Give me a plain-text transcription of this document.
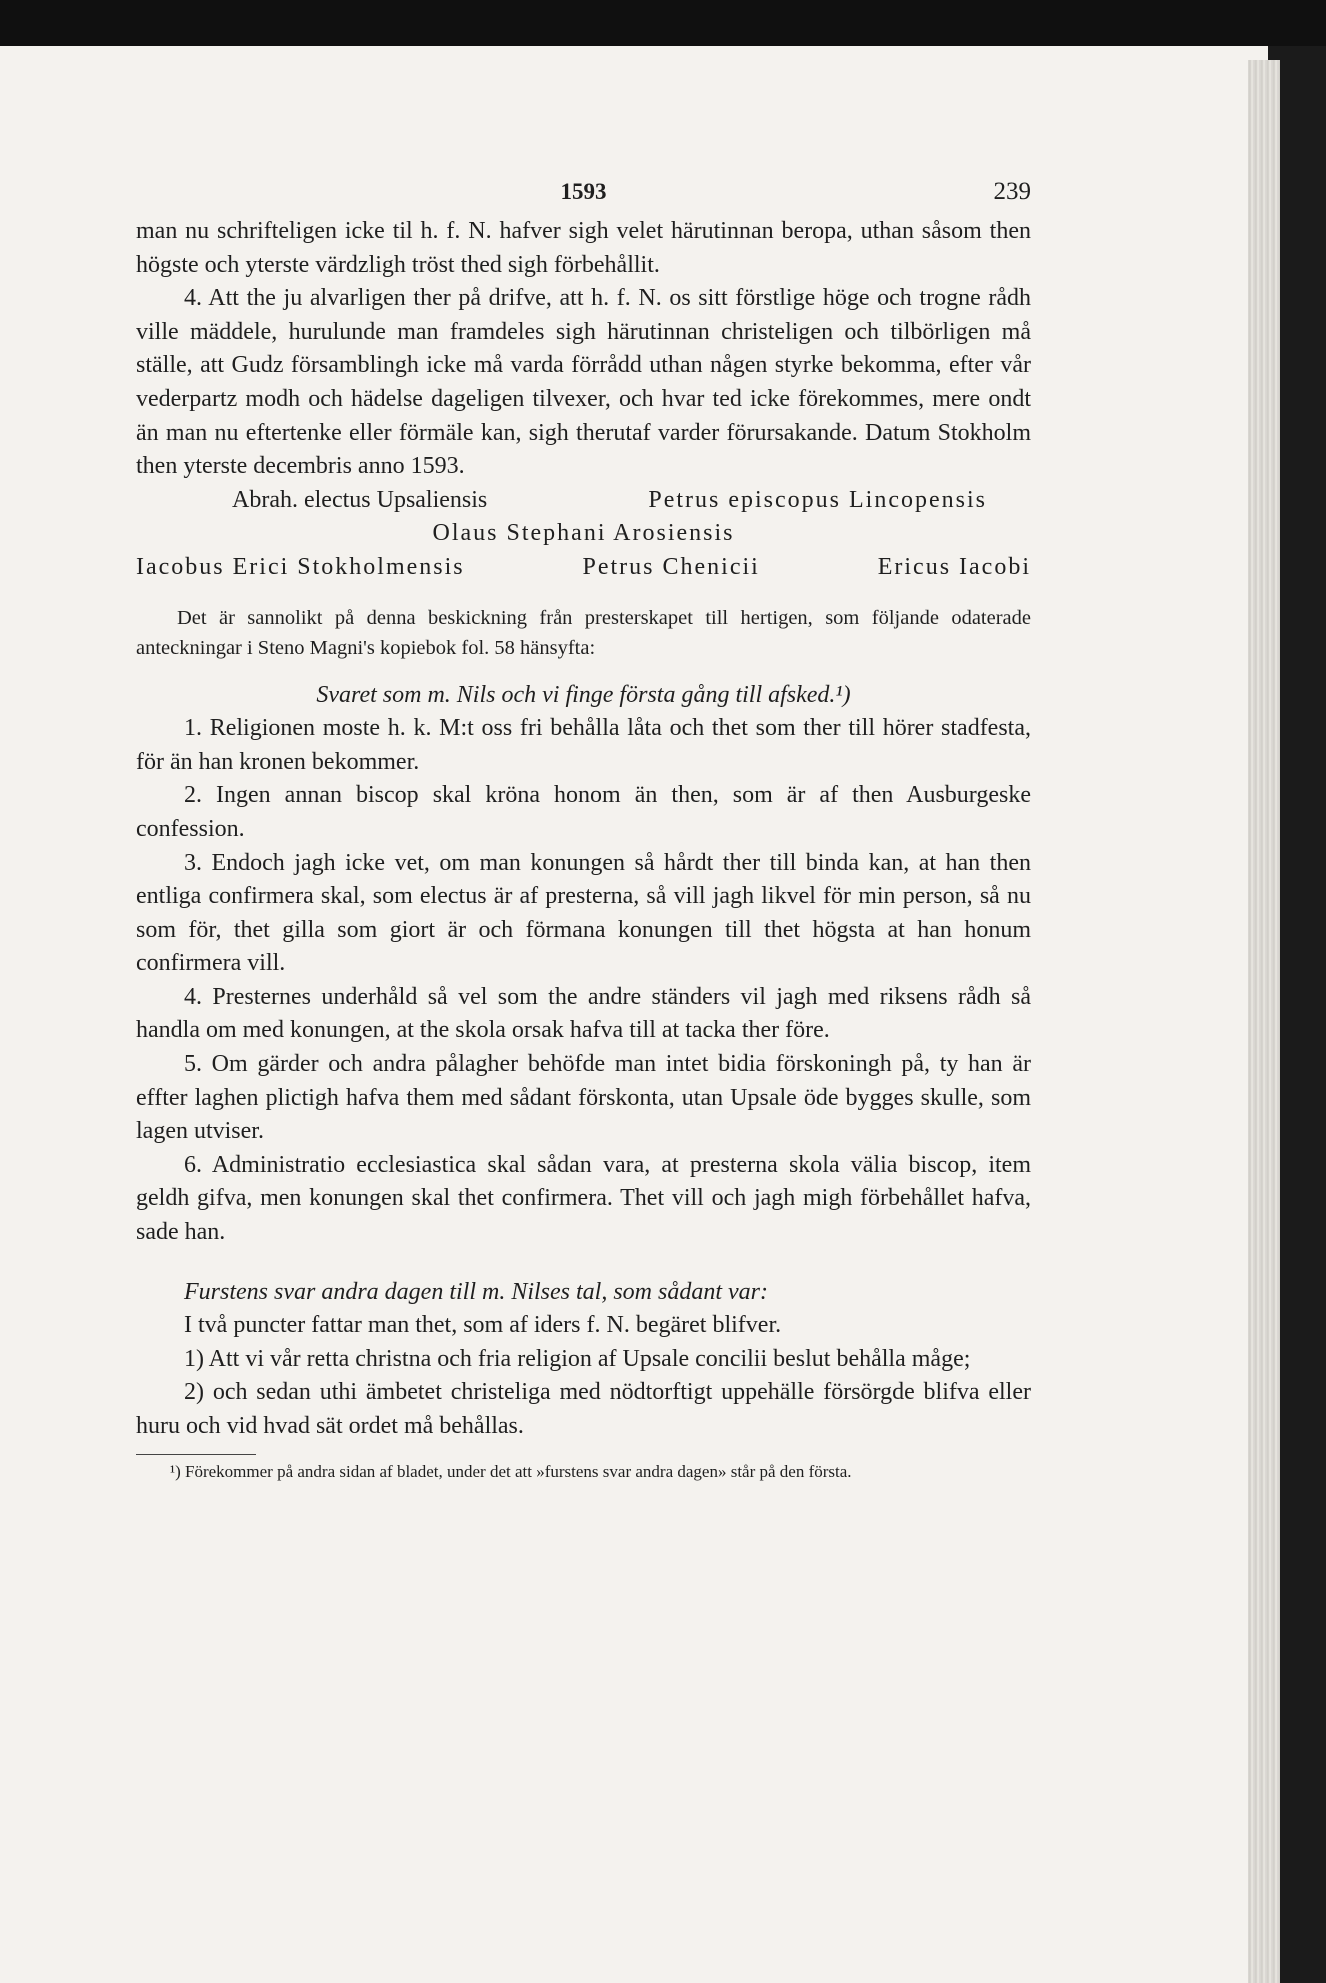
1593	239

man nu schrifteligen icke til h. f. N. hafver sigh velet härutinnan beropa, uthan såsom then högste och yterste värdzligh tröst thed sigh förbehållit.

4. Att the ju alvarligen ther på drifve, att h. f. N. os sitt förstlige höge och trogne rådh ville mäddele, hurulunde man framdeles sigh härutinnan christeligen och tilbörligen må ställe, att Gudz församblingh icke må varda förrådd uthan någen styrke bekomma, efter vår vederpartz modh och hädelse dageligen tilvexer, och hvar ted icke förekommes, mere ondt än man nu eftertenke eller förmäle kan, sigh therutaf varder förursakande. Datum Stokholm then yterste decembris anno 1593.

Abrah. electus Upsaliensis	Petrus episcopus Lincopensis
Olaus Stephani Arosiensis
Iacobus Erici Stokholmensis	Petrus Chenicii	Ericus Iacobi

Det är sannolikt på denna beskickning från presterskapet till hertigen, som följande odaterade anteckningar i Steno Magni's kopiebok fol. 58 hänsyfta:

Svaret som m. Nils och vi finge första gång till afsked.¹)

1. Religionen moste h. k. M:t oss fri behålla låta och thet som ther till hörer stadfesta, för än han kronen bekommer.

2. Ingen annan biscop skal kröna honom än then, som är af then Ausburgeske confession.

3. Endoch jagh icke vet, om man konungen så hårdt ther till binda kan, at han then entliga confirmera skal, som electus är af presterna, så vill jagh likvel för min person, så nu som för, thet gilla som giort är och förmana konungen till thet högsta at han honum confirmera vill.

4. Presternes underhåld så vel som the andre ständers vil jagh med riksens rådh så handla om med konungen, at the skola orsak hafva till at tacka ther före.

5. Om gärder och andra pålagher behöfde man intet bidia förskoningh på, ty han är effter laghen plictigh hafva them med sådant förskonta, utan Upsale öde bygges skulle, som lagen utviser.

6. Administratio ecclesiastica skal sådan vara, at presterna skola välia biscop, item geldh gifva, men konungen skal thet confirmera. Thet vill och jagh migh förbehållet hafva, sade han.

Furstens svar andra dagen till m. Nilses tal, som sådant var:

I två puncter fattar man thet, som af iders f. N. begäret blifver.

1) Att vi vår retta christna och fria religion af Upsale concilii beslut behålla måge;

2) och sedan uthi ämbetet christeliga med nödtorftigt uppehälle försörgde blifva eller huru och vid hvad sät ordet må behållas.

¹) Förekommer på andra sidan af bladet, under det att »furstens svar andra dagen» står på den första.
